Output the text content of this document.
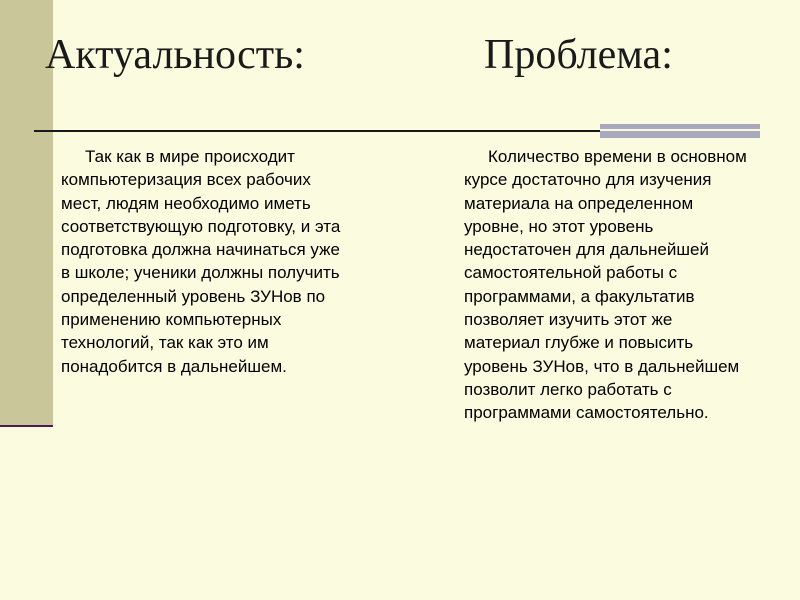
Актуальность:	Проблема:

Так как в мире происходит компьютеризация всех рабочих мест, людям необходимо иметь соответствующую подготовку, и эта подготовка должна начинаться уже в школе; ученики должны получить определенный уровень ЗУНов по применению компьютерных технологий, так как это им понадобится в дальнейшем.

Количество времени в основном курсе достаточно для изучения материала на определенном уровне, но этот уровень недостаточен для дальнейшей самостоятельной работы с программами, а факультатив позволяет изучить этот же материал глубже и повысить уровень ЗУНов, что в дальнейшем позволит легко работать с программами самостоятельно.
